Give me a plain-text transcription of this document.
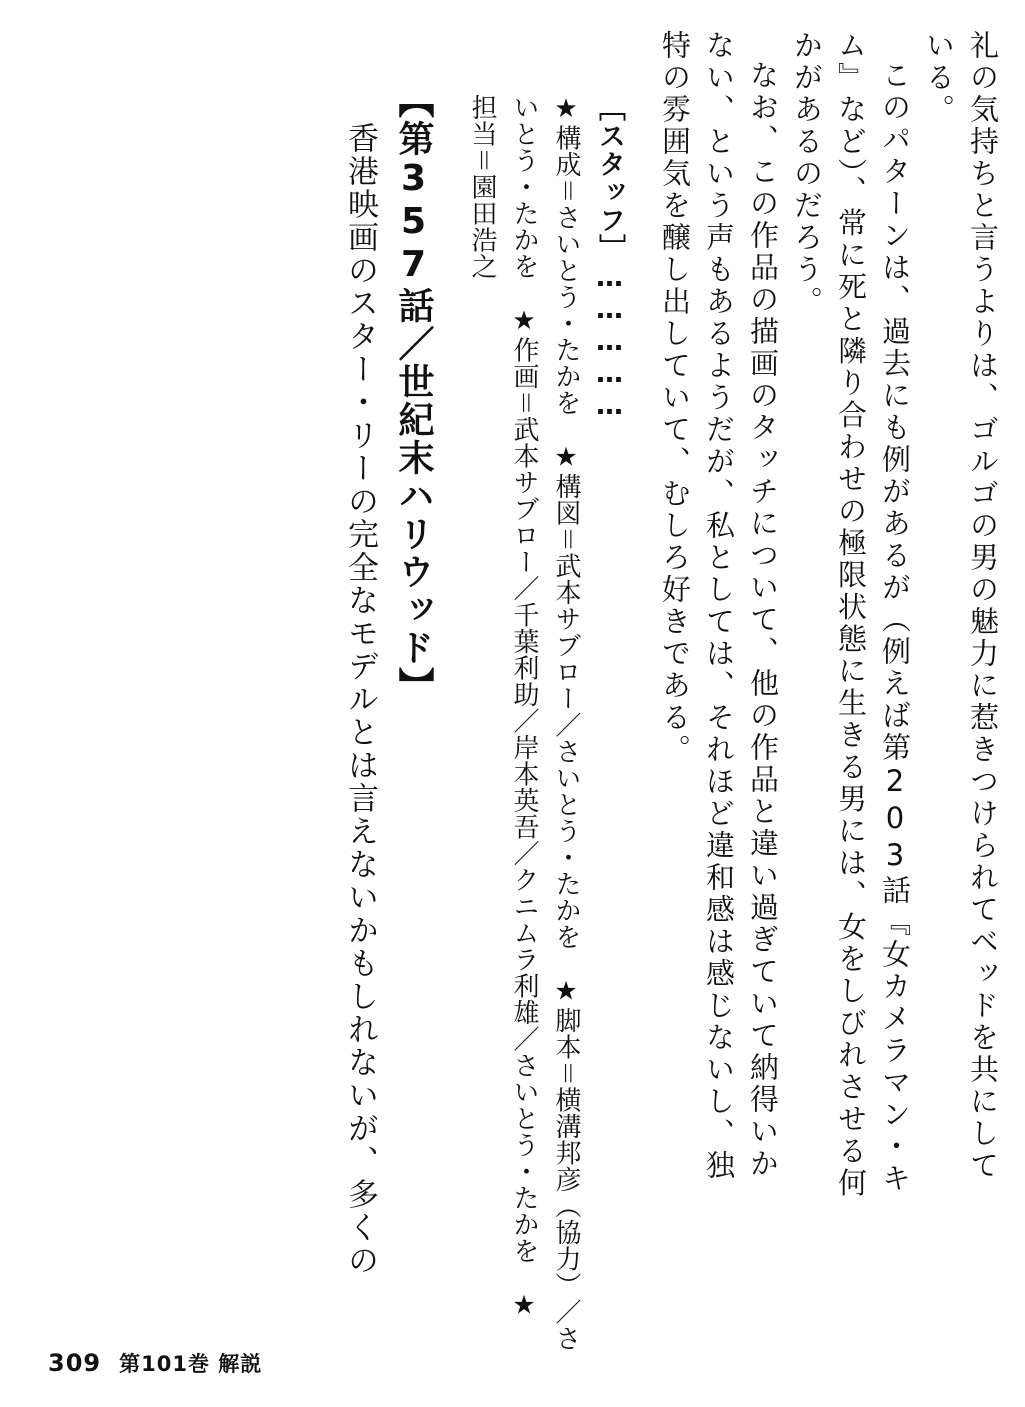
礼の気持ちと言うよりは、ゴルゴの男の魅力に惹きつけられてベッドを共にして
いる。
このパターンは、過去にも例があるが（例えば第203話『女カメラマン・キ
ム』など）、常に死と隣り合わせの極限状態に生きる男には、女をしびれさせる何
かがあるのだろう。
なお、この作品の描画のタッチについて、他の作品と違い過ぎていて納得いか
ない、という声もあるようだが、私としては、それほど違和感は感じないし、独
特の雰囲気を醸し出していて、むしろ好きである。
［スタッフ］……………
★構成＝さいとう・たかを　★構図＝武本サブロー／さいとう・たかを　★脚本＝横溝邦彦（協力）／さ
いとう・たかを　★作画＝武本サブロー／千葉利助／岸本英吾／クニムラ利雄／さいとう・たかを　★
担当＝園田浩之
【第357話／世紀末ハリウッド】
香港映画のスター・リーの完全なモデルとは言えないかもしれないが、多くの
309 第101巻 解説
